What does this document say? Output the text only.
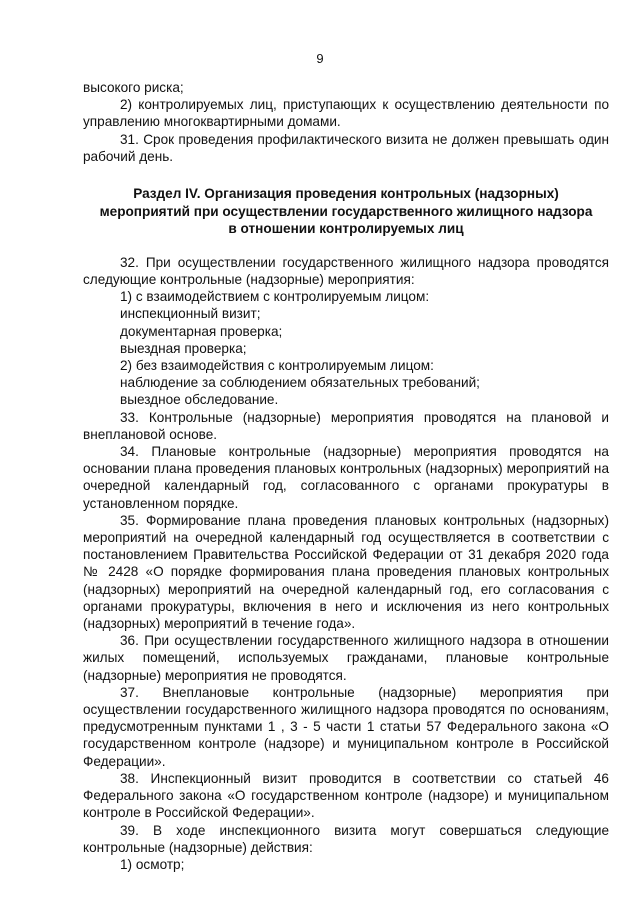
9

высокого риска;

2) контролируемых лиц, приступающих к осуществлению деятельности по управлению многоквартирными домами.

31. Срок проведения профилактического визита не должен превышать один рабочий день.

Раздел IV. Организация проведения контрольных (надзорных)
мероприятий при осуществлении государственного жилищного надзора
в отношении контролируемых лиц

32. При осуществлении государственного жилищного надзора проводятся следующие контрольные (надзорные) мероприятия:

1) с взаимодействием с контролируемым лицом:

инспекционный визит;

документарная проверка;

выездная проверка;

2) без взаимодействия с контролируемым лицом:

наблюдение за соблюдением обязательных требований;

выездное обследование.

33. Контрольные (надзорные) мероприятия проводятся на плановой и внеплановой основе.

34. Плановые контрольные (надзорные) мероприятия проводятся на основании плана проведения плановых контрольных (надзорных) мероприятий на очередной календарный год, согласованного с органами прокуратуры в установленном порядке.

35. Формирование плана проведения плановых контрольных (надзорных) мероприятий на очередной календарный год осуществляется в соответствии с постановлением Правительства Российской Федерации от 31 декабря 2020 года № 2428 «О порядке формирования плана проведения плановых контрольных (надзорных) мероприятий на очередной календарный год, его согласования с органами прокуратуры, включения в него и исключения из него контрольных (надзорных) мероприятий в течение года».

36. При осуществлении государственного жилищного надзора в отношении жилых помещений, используемых гражданами, плановые контрольные (надзорные) мероприятия не проводятся.

37. Внеплановые контрольные (надзорные) мероприятия при осуществлении государственного жилищного надзора проводятся по основаниям, предусмотренным пунктами 1 , 3 - 5 части 1 статьи 57 Федерального закона «О государственном контроле (надзоре) и муниципальном контроле в Российской Федерации».

38. Инспекционный визит проводится в соответствии со статьей 46 Федерального закона «О государственном контроле (надзоре) и муниципальном контроле в Российской Федерации».

39. В ходе инспекционного визита могут совершаться следующие контрольные (надзорные) действия:

1) осмотр;
